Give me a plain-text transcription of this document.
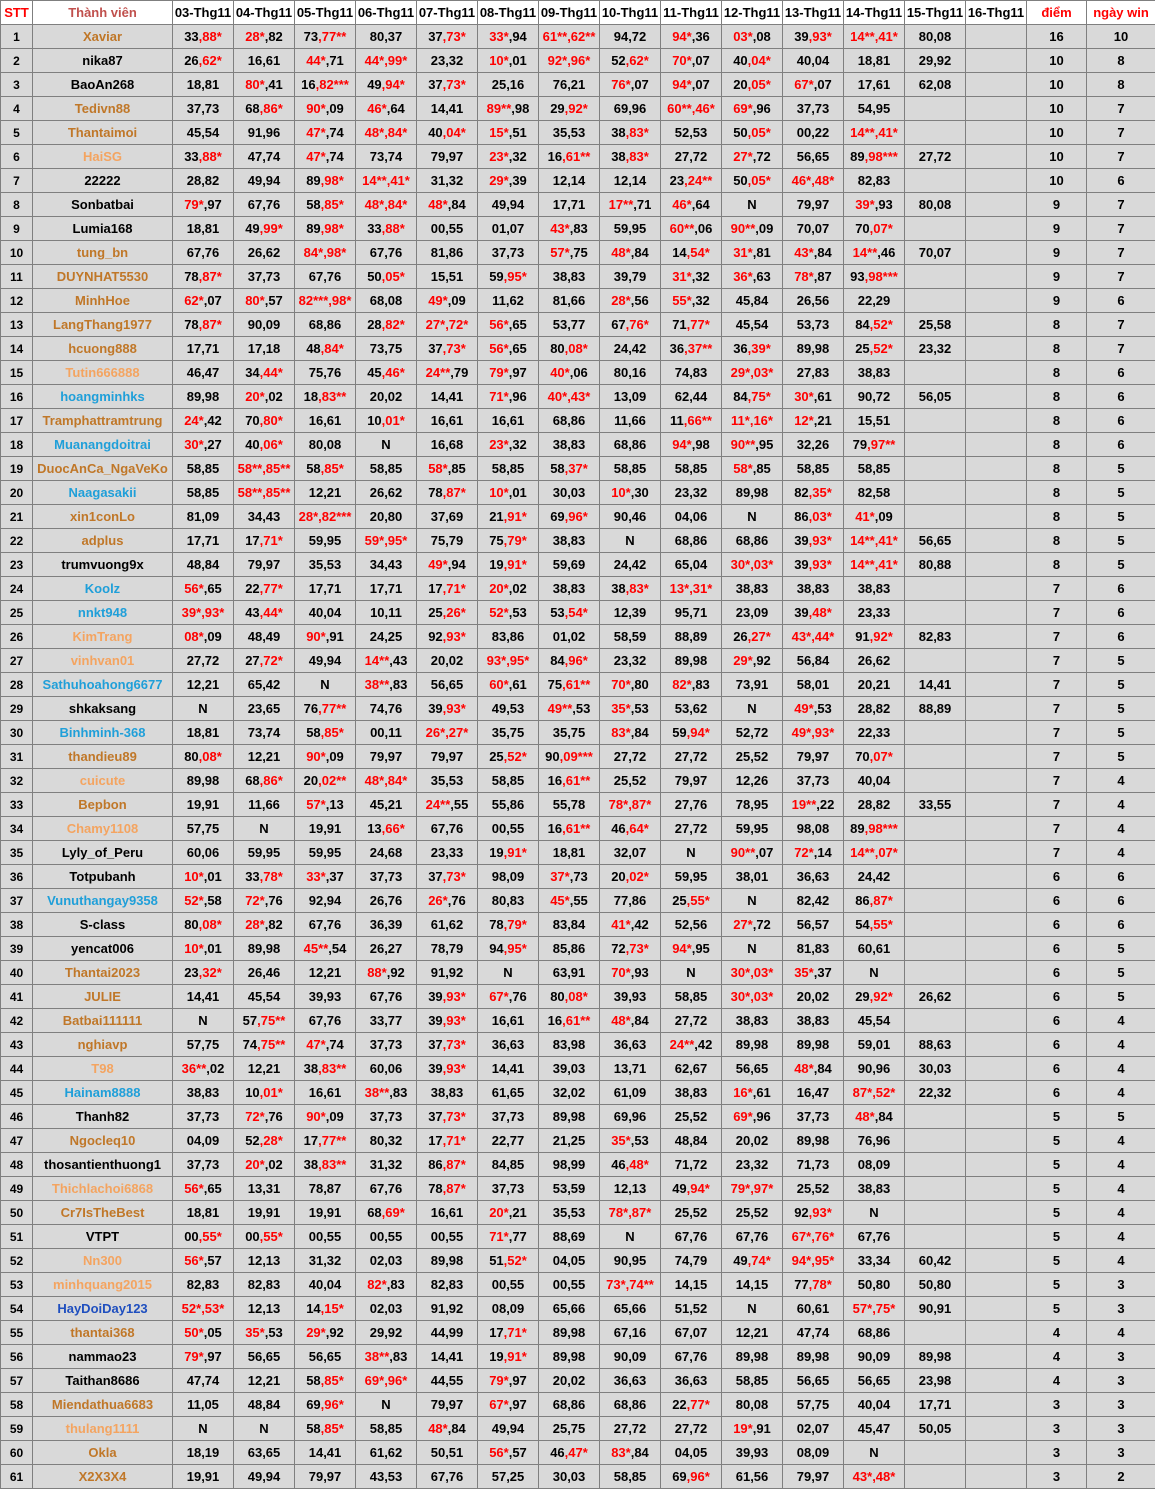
STT	Thành viên	03-Thg11	04-Thg11	05-Thg11	06-Thg11	07-Thg11	08-Thg11	09-Thg11	10-Thg11	11-Thg11	12-Thg11	13-Thg11	14-Thg11	15-Thg11	16-Thg11	điểm	ngày win
1	Xaviar	33,88*	28*,82	73,77**	80,37	37,73*	33*,94	61**,62**	94,72	94*,36	03*,08	39,93*	14**,41*	80,08		16	10
2	nika87	26,62*	16,61	44*,71	44*,99*	23,32	10*,01	92*,96*	52,62*	70*,07	40,04*	40,04	18,81	29,92		10	8
3	BaoAn268	18,81	80*,41	16,82***	49,94*	37,73*	25,16	76,21	76*,07	94*,07	20,05*	67*,07	17,61	62,08		10	8
4	Tedivn88	37,73	68,86*	90*,09	46*,64	14,41	89**,98	29,92*	69,96	60**,46*	69*,96	37,73	54,95			10	7
5	Thantaimoi	45,54	91,96	47*,74	48*,84*	40,04*	15*,51	35,53	38,83*	52,53	50,05*	00,22	14**,41*			10	7
6	HaiSG	33,88*	47,74	47*,74	73,74	79,97	23*,32	16,61**	38,83*	27,72	27*,72	56,65	89,98***	27,72		10	7
7	22222	28,82	49,94	89,98*	14**,41*	31,32	29*,39	12,14	12,14	23,24**	50,05*	46*,48*	82,83			10	6
8	Sonbatbai	79*,97	67,76	58,85*	48*,84*	48*,84	49,94	17,71	17**,71	46*,64	N	79,97	39*,93	80,08		9	7
9	Lumia168	18,81	49,99*	89,98*	33,88*	00,55	01,07	43*,83	59,95	60**,06	90**,09	70,07	70,07*			9	7
10	tung_bn	67,76	26,62	84*,98*	67,76	81,86	37,73	57*,75	48*,84	14,54*	31*,81	43*,84	14**,46	70,07		9	7
11	DUYNHAT5530	78,87*	37,73	67,76	50,05*	15,51	59,95*	38,83	39,79	31*,32	36*,63	78*,87	93,98***			9	7
12	MinhHoe	62*,07	80*,57	82***,98*	68,08	49*,09	11,62	81,66	28*,56	55*,32	45,84	26,56	22,29			9	6
13	LangThang1977	78,87*	90,09	68,86	28,82*	27*,72*	56*,65	53,77	67,76*	71,77*	45,54	53,73	84,52*	25,58		8	7
14	hcuong888	17,71	17,18	48,84*	73,75	37,73*	56*,65	80,08*	24,42	36,37**	36,39*	89,98	25,52*	23,32		8	7
15	Tutin666888	46,47	34,44*	75,76	45,46*	24**,79	79*,97	40*,06	80,16	74,83	29*,03*	27,83	38,83			8	6
16	hoangminhks	89,98	20*,02	18,83**	20,02	14,41	71*,96	40*,43*	13,09	62,44	84,75*	30*,61	90,72	56,05		8	6
17	Tramphattramtrung	24*,42	70,80*	16,61	10,01*	16,61	16,61	68,86	11,66	11,66**	11*,16*	12*,21	15,51			8	6
18	Muanangdoitrai	30*,27	40,06*	80,08	N	16,68	23*,32	38,83	68,86	94*,98	90**,95	32,26	79,97**			8	6
19	DuocAnCa_NgaVeKo	58,85	58**,85**	58,85*	58,85	58*,85	58,85	58,37*	58,85	58,85	58*,85	58,85	58,85			8	5
20	Naagasakii	58,85	58**,85**	12,21	26,62	78,87*	10*,01	30,03	10*,30	23,32	89,98	82,35*	82,58			8	5
21	xin1conLo	81,09	34,43	28*,82***	20,80	37,69	21,91*	69,96*	90,46	04,06	N	86,03*	41*,09			8	5
22	adplus	17,71	17,71*	59,95	59*,95*	75,79	75,79*	38,83	N	68,86	68,86	39,93*	14**,41*	56,65		8	5
23	trumvuong9x	48,84	79,97	35,53	34,43	49*,94	19,91*	59,69	24,42	65,04	30*,03*	39,93*	14**,41*	80,88		8	5
24	Koolz	56*,65	22,77*	17,71	17,71	17,71*	20*,02	38,83	38,83*	13*,31*	38,83	38,83	38,83			7	6
25	nnkt948	39*,93*	43,44*	40,04	10,11	25,26*	52*,53	53,54*	12,39	95,71	23,09	39,48*	23,33			7	6
26	KimTrang	08*,09	48,49	90*,91	24,25	92,93*	83,86	01,02	58,59	88,89	26,27*	43*,44*	91,92*	82,83		7	6
27	vinhvan01	27,72	27,72*	49,94	14**,43	20,02	93*,95*	84,96*	23,32	89,98	29*,92	56,84	26,62			7	5
28	Sathuhoahong6677	12,21	65,42	N	38**,83	56,65	60*,61	75,61**	70*,80	82*,83	73,91	58,01	20,21	14,41		7	5
29	shkaksang	N	23,65	76,77**	74,76	39,93*	49,53	49**,53	35*,53	53,62	N	49*,53	28,82	88,89		7	5
30	Binhminh-368	18,81	73,74	58,85*	00,11	26*,27*	35,75	35,75	83*,84	59,94*	52,72	49*,93*	22,33			7	5
31	thandieu89	80,08*	12,21	90*,09	79,97	79,97	25,52*	90,09***	27,72	27,72	25,52	79,97	70,07*			7	5
32	cuicute	89,98	68,86*	20,02**	48*,84*	35,53	58,85	16,61**	25,52	79,97	12,26	37,73	40,04			7	4
33	Bepbon	19,91	11,66	57*,13	45,21	24**,55	55,86	55,78	78*,87*	27,76	78,95	19**,22	28,82	33,55		7	4
34	Chamy1108	57,75	N	19,91	13,66*	67,76	00,55	16,61**	46,64*	27,72	59,95	98,08	89,98***			7	4
35	Lyly_of_Peru	60,06	59,95	59,95	24,68	23,33	19,91*	18,81	32,07	N	90**,07	72*,14	14**,07*			7	4
36	Totpubanh	10*,01	33,78*	33*,37	37,73	37,73*	98,09	37*,73	20,02*	59,95	38,01	36,63	24,42			6	6
37	Vunuthangay9358	52*,58	72*,76	92,94	26,76	26*,76	80,83	45*,55	77,86	25,55*	N	82,42	86,87*			6	6
38	S-class	80,08*	28*,82	67,76	36,39	61,62	78,79*	83,84	41*,42	52,56	27*,72	56,57	54,55*			6	6
39	yencat006	10*,01	89,98	45**,54	26,27	78,79	94,95*	85,86	72,73*	94*,95	N	81,83	60,61			6	5
40	Thantai2023	23,32*	26,46	12,21	88*,92	91,92	N	63,91	70*,93	N	30*,03*	35*,37	N			6	5
41	JULIE	14,41	45,54	39,93	67,76	39,93*	67*,76	80,08*	39,93	58,85	30*,03*	20,02	29,92*	26,62		6	5
42	Batbai111111	N	57,75**	67,76	33,77	39,93*	16,61	16,61**	48*,84	27,72	38,83	38,83	45,54			6	4
43	nghiavp	57,75	74,75**	47*,74	37,73	37,73*	36,63	83,98	36,63	24**,42	89,98	89,98	59,01	88,63		6	4
44	T98	36**,02	12,21	38,83**	60,06	39,93*	14,41	39,03	13,71	62,67	56,65	48*,84	90,96	30,03		6	4
45	Hainam8888	38,83	10,01*	16,61	38**,83	38,83	61,65	32,02	61,09	38,83	16*,61	16,47	87*,52*	22,32		6	4
46	Thanh82	37,73	72*,76	90*,09	37,73	37,73*	37,73	89,98	69,96	25,52	69*,96	37,73	48*,84			5	5
47	Ngocleq10	04,09	52,28*	17,77**	80,32	17,71*	22,77	21,25	35*,53	48,84	20,02	89,98	76,96			5	4
48	thosantienthuong1	37,73	20*,02	38,83**	31,32	86,87*	84,85	98,99	46,48*	71,72	23,32	71,73	08,09			5	4
49	Thichlachoi6868	56*,65	13,31	78,87	67,76	78,87*	37,73	53,59	12,13	49,94*	79*,97*	25,52	38,83			5	4
50	Cr7IsTheBest	18,81	19,91	19,91	68,69*	16,61	20*,21	35,53	78*,87*	25,52	25,52	92,93*	N			5	4
51	VTPT	00,55*	00,55*	00,55	00,55	00,55	71*,77	88,69	N	67,76	67,76	67*,76*	67,76			5	4
52	Nn300	56*,57	12,13	31,32	02,03	89,98	51,52*	04,05	90,95	74,79	49,74*	94*,95*	33,34	60,42		5	4
53	minhquang2015	82,83	82,83	40,04	82*,83	82,83	00,55	00,55	73*,74**	14,15	14,15	77,78*	50,80	50,80		5	3
54	HayDoiDay123	52*,53*	12,13	14,15*	02,03	91,92	08,09	65,66	65,66	51,52	N	60,61	57*,75*	90,91		5	3
55	thantai368	50*,05	35*,53	29*,92	29,92	44,99	17,71*	89,98	67,16	67,07	12,21	47,74	68,86			4	4
56	nammao23	79*,97	56,65	56,65	38**,83	14,41	19,91*	89,98	90,09	67,76	89,98	89,98	90,09	89,98		4	3
57	Taithan8686	47,74	12,21	58,85*	69*,96*	44,55	79*,97	20,02	36,63	36,63	58,85	56,65	56,65	23,98		4	3
58	Miendathua6683	11,05	48,84	69,96*	N	79,97	67*,97	68,86	68,86	22,77*	80,08	57,75	40,04	17,71		3	3
59	thulang1111	N	N	58,85*	58,85	48*,84	49,94	25,75	27,72	27,72	19*,91	02,07	45,47	50,05		3	3
60	Okla	18,19	63,65	14,41	61,62	50,51	56*,57	46,47*	83*,84	04,05	39,93	08,09	N			3	3
61	X2X3X4	19,91	49,94	79,97	43,53	67,76	57,25	30,03	58,85	69,96*	61,56	79,97	43*,48*			3	2
